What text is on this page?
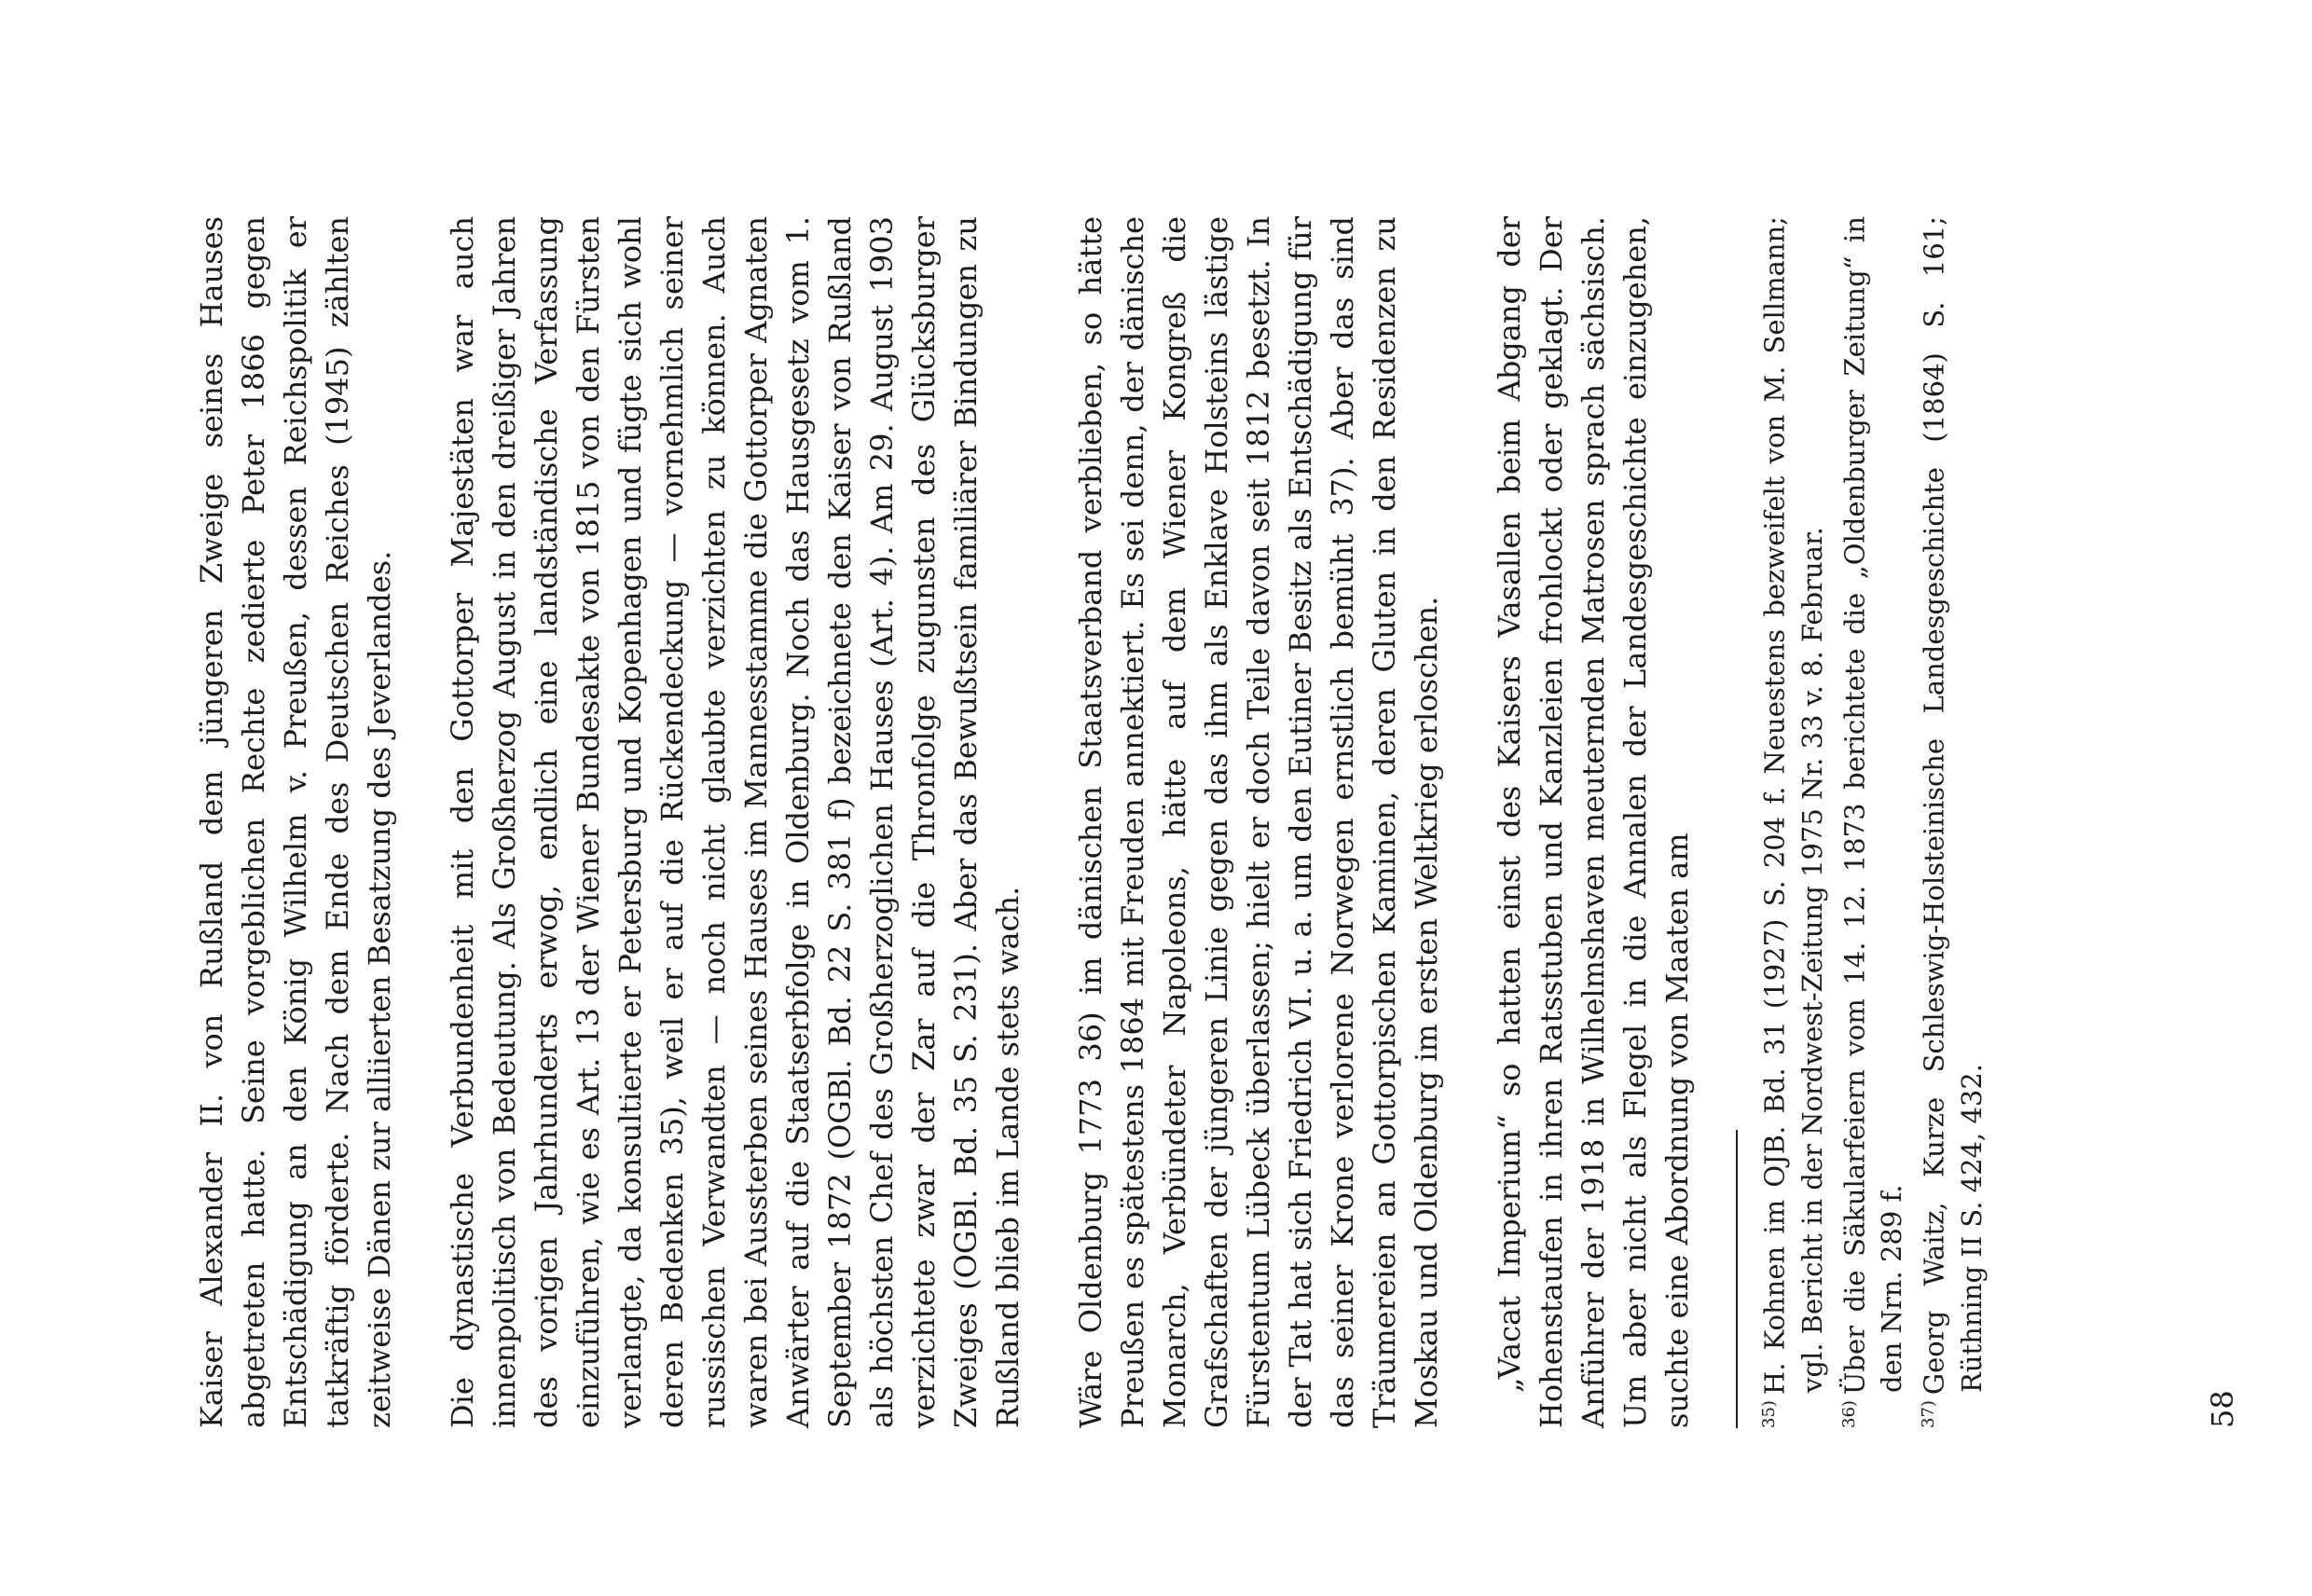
Kaiser Alexander II. von Rußland dem jüngeren Zweige seines Hauses abgetreten hatte. Seine vorgeblichen Rechte zedierte Peter 1866 gegen Entschädigung an den König Wilhelm v. Preußen, dessen Reichspolitik er tatkräftig förderte. Nach dem Ende des Deutschen Reiches (1945) zählten zeitweise Dänen zur alliierten Besatzung des Jeverlandes. Die dynastische Verbundenheit mit den Gottorper Majestäten war auch innenpolitisch von Bedeutung. Als Großherzog August in den dreißiger Jahren des vorigen Jahrhunderts erwog, endlich eine landständische Verfassung einzuführen, wie es Art. 13 der Wiener Bundesakte von 1815 von den Fürsten verlangte, da konsultierte er Petersburg und Kopenhagen und fügte sich wohl deren Bedenken 35), weil er auf die Rückendeckung — vornehmlich seiner russischen Verwandten — noch nicht glaubte verzichten zu können. Auch waren bei Aussterben seines Hauses im Mannesstamme die Gottorper Agnaten Anwärter auf die Staatserbfolge in Oldenburg. Noch das Hausgesetz vom 1. September 1872 (OGBl. Bd. 22 S. 381 f) bezeichnete den Kaiser von Rußland als höchsten Chef des Großherzoglichen Hauses (Art. 4). Am 29. August 1903 verzichtete zwar der Zar auf die Thronfolge zugunsten des Glücksburger Zweiges (OGBl. Bd. 35 S. 231). Aber das Bewußtsein familiärer Bindungen zu Rußland blieb im Lande stets wach. Wäre Oldenburg 1773 36) im dänischen Staatsverband verblieben, so hätte Preußen es spätestens 1864 mit Freuden annektiert. Es sei denn, der dänische Monarch, Verbündeter Napoleons, hätte auf dem Wiener Kongreß die Grafschaften der jüngeren Linie gegen das ihm als Enklave Holsteins lästige Fürstentum Lübeck überlassen; hielt er doch Teile davon seit 1812 besetzt. In der Tat hat sich Friedrich VI. u. a. um den Eutiner Besitz als Entschädigung für das seiner Krone verlorene Norwegen ernstlich bemüht 37). Aber das sind Träumereien an Gottorpischen Kaminen, deren Gluten in den Residenzen zu Moskau und Oldenburg im ersten Weltkrieg erloschen. „Vacat Imperium“ so hatten einst des Kaisers Vasallen beim Abgang der Hohenstaufen in ihren Ratsstuben und Kanzleien frohlockt oder geklagt. Der Anführer der 1918 in Wilhelmshaven meuternden Matrosen sprach sächsisch. Um aber nicht als Flegel in die Annalen der Landesgeschichte einzugehen, suchte eine Abordnung von Maaten am	$^{35)}$H. Kohnen im OJB. Bd. 31 (1927) S. 204 f. Neuestens bezweifelt von M. Sellmann; vgl. Bericht in der Nordwest-Zeitung 1975 Nr. 33 v. 8. Februar.

$^{36)}$Über die Säkularfeiern vom 14. 12. 1873 berichtete die „Oldenburger Zeitung“ in den Nrn. 289 f.

$^{37)}$Georg Waitz, Kurze Schleswig-Holsteinische Landesgeschichte (1864) S. 161; Rüthning II S. 424, 432.

58
